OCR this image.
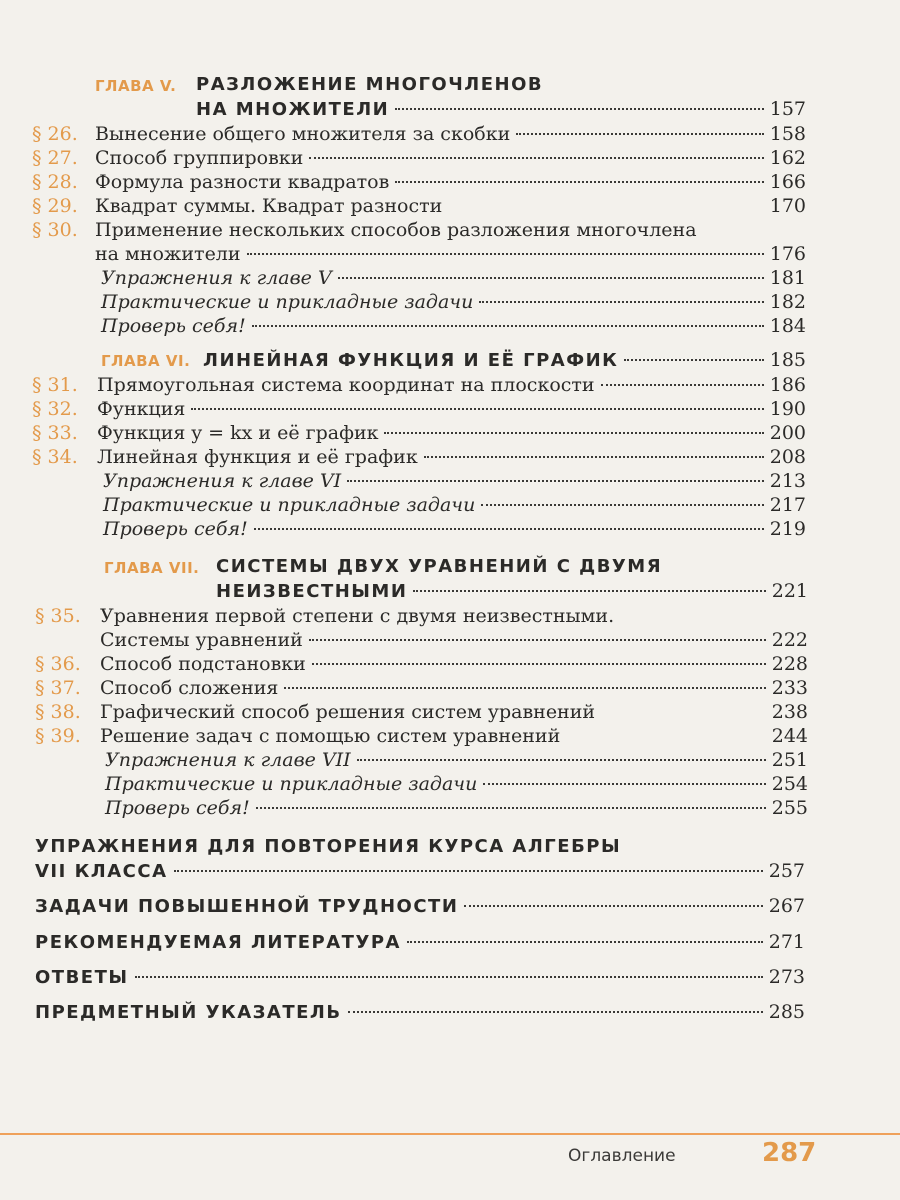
ГЛАВА V. РАЗЛОЖЕНИЕ МНОГОЧЛЕНОВ
НА МНОЖИТЕЛИ	157
§ 26. Вынесение общего множителя за скобки	158
§ 27. Способ группировки	162
§ 28. Формула разности квадратов	166
§ 29. Квадрат суммы. Квадрат разности	170
§ 30. Применение нескольких способов разложения многочлена
на множители	176
Упражнения к главе V	181
Практические и прикладные задачи	182
Проверь себя!	184
ГЛАВА VI. ЛИНЕЙНАЯ ФУНКЦИЯ И ЕЁ ГРАФИК	185
§ 31. Прямоугольная система координат на плоскости	186
§ 32. Функция	190
§ 33. Функция y = kx и её график	200
§ 34. Линейная функция и её график	208
Упражнения к главе VI	213
Практические и прикладные задачи	217
Проверь себя!	219
ГЛАВА VII. СИСТЕМЫ ДВУХ УРАВНЕНИЙ С ДВУМЯ
НЕИЗВЕСТНЫМИ	221
§ 35. Уравнения первой степени с двумя неизвестными.
Системы уравнений	222
§ 36. Способ подстановки	228
§ 37. Способ сложения	233
§ 38. Графический способ решения систем уравнений	238
§ 39. Решение задач с помощью систем уравнений	244
Упражнения к главе VII	251
Практические и прикладные задачи	254
Проверь себя!	255
УПРАЖНЕНИЯ ДЛЯ ПОВТОРЕНИЯ КУРСА АЛГЕБРЫ
VII КЛАССА	257
ЗАДАЧИ ПОВЫШЕННОЙ ТРУДНОСТИ	267
РЕКОМЕНДУЕМАЯ ЛИТЕРАТУРА	271
ОТВЕТЫ	273
ПРЕДМЕТНЫЙ УКАЗАТЕЛЬ	285
Оглавление	287
